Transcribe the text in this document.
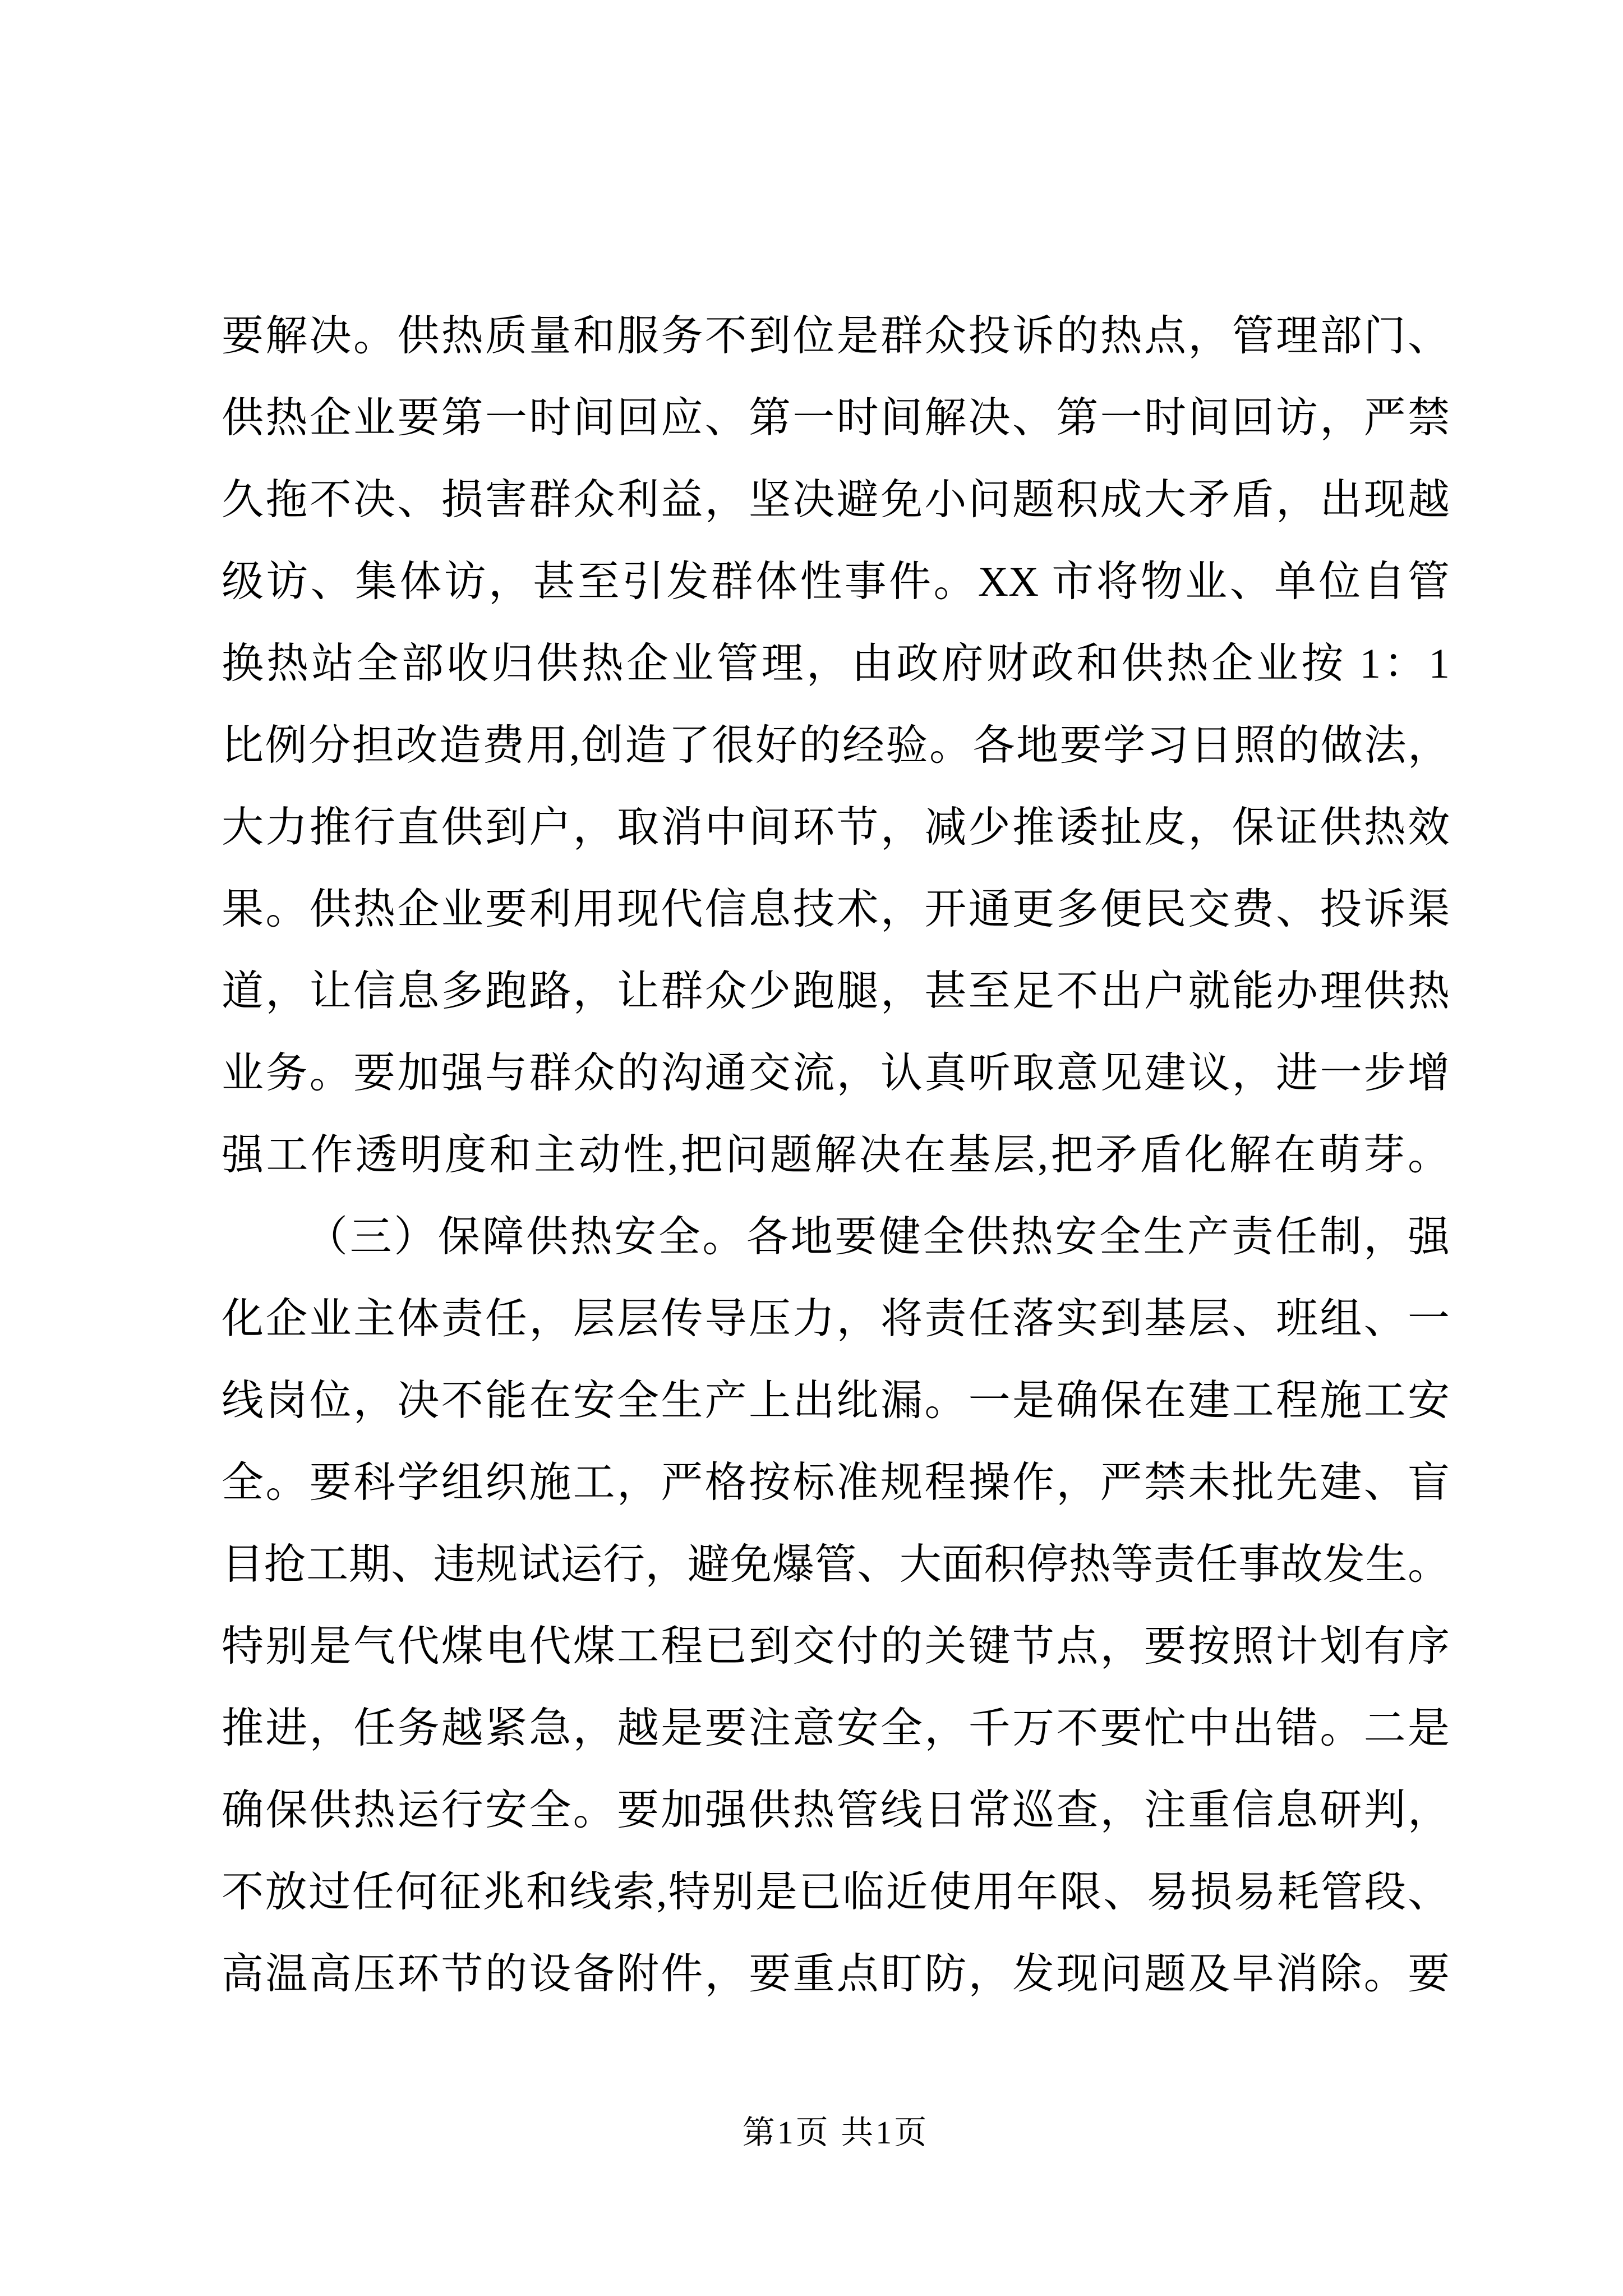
要解决。供热质量和服务不到位是群众投诉的热点，管理部门、
供热企业要第一时间回应、第一时间解决、第一时间回访，严禁
久拖不决、损害群众利益，坚决避免小问题积成大矛盾，出现越
级访、集体访，甚至引发群体性事件。XX 市将物业、单位自管
换热站全部收归供热企业管理，由政府财政和供热企业按 1：1
比例分担改造费用,创造了很好的经验。各地要学习日照的做法，
大力推行直供到户，取消中间环节，减少推诿扯皮，保证供热效
果。供热企业要利用现代信息技术，开通更多便民交费、投诉渠
道，让信息多跑路，让群众少跑腿，甚至足不出户就能办理供热
业务。要加强与群众的沟通交流，认真听取意见建议，进一步增
强工作透明度和主动性,把问题解决在基层,把矛盾化解在萌芽。
（三）保障供热安全。各地要健全供热安全生产责任制，强
化企业主体责任，层层传导压力，将责任落实到基层、班组、一
线岗位，决不能在安全生产上出纰漏。一是确保在建工程施工安
全。要科学组织施工，严格按标准规程操作，严禁未批先建、盲
目抢工期、违规试运行，避免爆管、大面积停热等责任事故发生。
特别是气代煤电代煤工程已到交付的关键节点，要按照计划有序
推进，任务越紧急，越是要注意安全，千万不要忙中出错。二是
确保供热运行安全。要加强供热管线日常巡查，注重信息研判，
不放过任何征兆和线索,特别是已临近使用年限、易损易耗管段、
高温高压环节的设备附件，要重点盯防，发现问题及早消除。要
第1页 共1页
